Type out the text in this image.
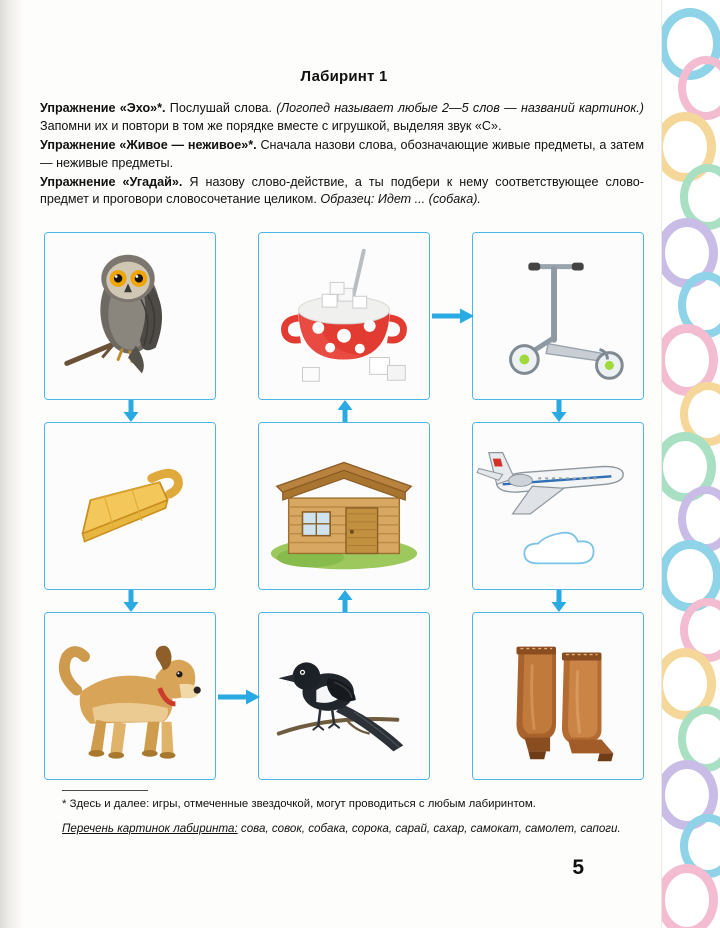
Лабиринт 1

Упражнение «Эхо»*. Послушай слова. (Логопед называет любые 2—5 слов — названий картинок.) Запомни их и повтори в том же порядке вместе с игрушкой, выделяя звук «С».

Упражнение «Живое — неживое»*. Сначала назови слова, обозначающие живые предметы, а затем — неживые предметы.

Упражнение «Угадай». Я назову слово-действие, а ты подбери к нему соответствующее слово-предмет и проговори словосочетание целиком. Образец: Идет ... (собака).

* Здесь и далее: игры, отмеченные звездочкой, могут проводиться с любым лабиринтом.
Перечень картинок лабиринта: сова, совок, собака, сорока, сарай, сахар, самокат, самолет, сапоги.
5
